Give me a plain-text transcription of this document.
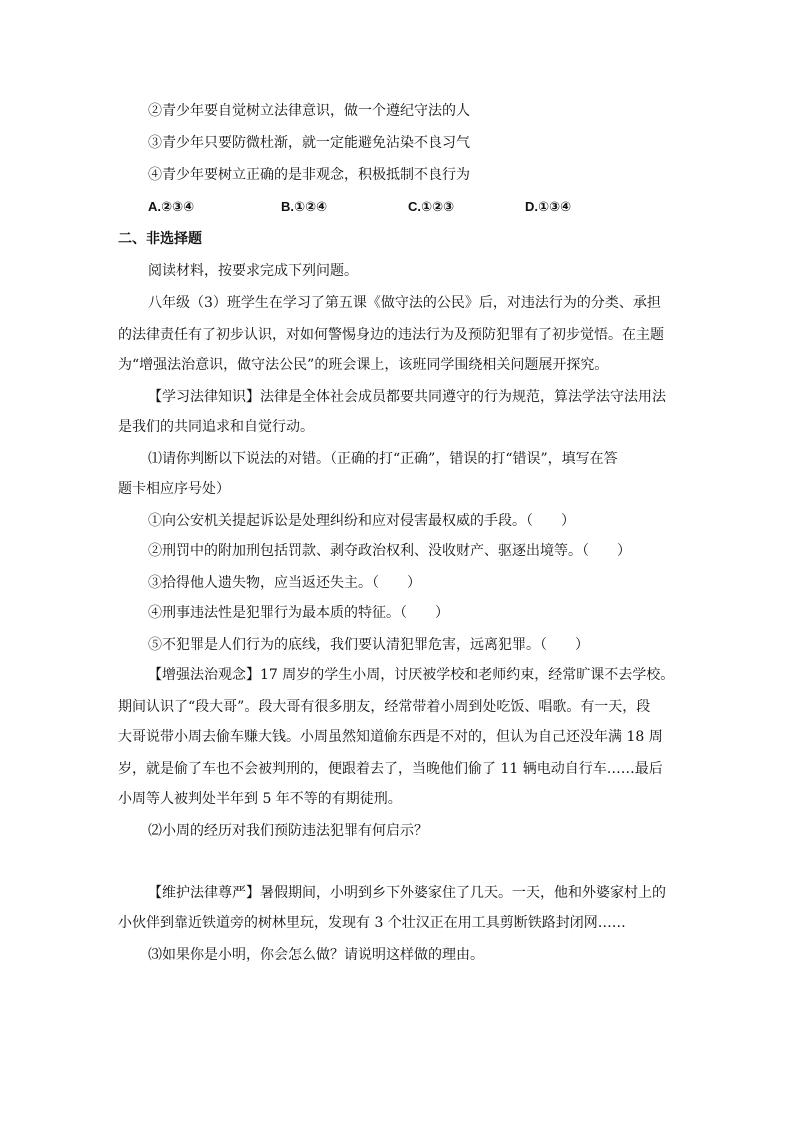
②青少年要自觉树立法律意识，做一个遵纪守法的人
③青少年只要防微杜渐，就一定能避免沾染不良习气
④青少年要树立正确的是非观念，积极抵制不良行为
A.②③④	B.①②④	C.①②③	D.①③④
二、非选择题
阅读材料，按要求完成下列问题。
八年级（3）班学生在学习了第五课《做守法的公民》后，对违法行为的分类、承担
的法律责任有了初步认识，对如何警惕身边的违法行为及预防犯罪有了初步觉悟。在主题
为“增强法治意识，做守法公民”的班会课上，该班同学围绕相关问题展开探究。
【学习法律知识】法律是全体社会成员都要共同遵守的行为规范，算法学法守法用法
是我们的共同追求和自觉行动。
⑴请你判断以下说法的对错。（正确的打“正确”，错误的打“错误”，填写在答
题卡相应序号处）
①向公安机关提起诉讼是处理纠纷和应对侵害最权威的手段。（　　）
②刑罚中的附加刑包括罚款、剥夺政治权利、没收财产、驱逐出境等。（　　）
③拾得他人遗失物，应当返还失主。（　　）
④刑事违法性是犯罪行为最本质的特征。（　　）
⑤不犯罪是人们行为的底线，我们要认清犯罪危害，远离犯罪。（　　）
【增强法治观念】17 周岁的学生小周，讨厌被学校和老师约束，经常旷课不去学校。
期间认识了“段大哥”。段大哥有很多朋友，经常带着小周到处吃饭、唱歌。有一天，段
大哥说带小周去偷车赚大钱。小周虽然知道偷东西是不对的，但认为自己还没年满 18 周
岁，就是偷了车也不会被判刑的，便跟着去了，当晚他们偷了 11 辆电动自行车……最后
小周等人被判处半年到 5 年不等的有期徒刑。
⑵小周的经历对我们预防违法犯罪有何启示？
【维护法律尊严】暑假期间，小明到乡下外婆家住了几天。一天，他和外婆家村上的
小伙伴到靠近铁道旁的树林里玩，发现有 3 个壮汉正在用工具剪断铁路封闭网……
⑶如果你是小明，你会怎么做？请说明这样做的理由。
